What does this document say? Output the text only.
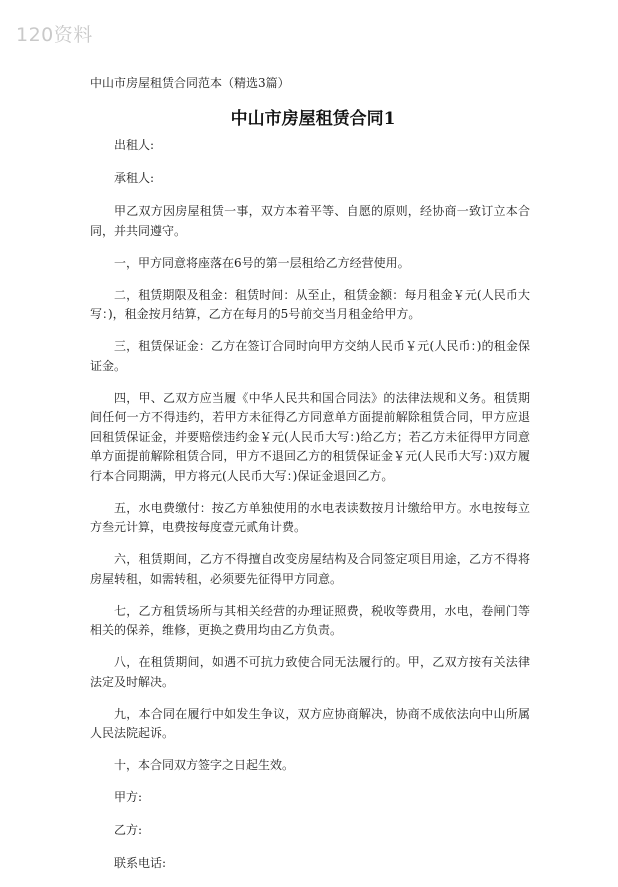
120资料
中山市房屋租赁合同范本（精选3篇）
中山市房屋租赁合同1

出租人:

承租人:

甲乙双方因房屋租赁一事，双方本着平等、自愿的原则，经协商一致订立本合同，并共同遵守。

一，甲方同意将座落在6号的第一层租给乙方经营使用。

二，租赁期限及租金：租赁时间：从至止，租赁金额：每月租金￥元(人民币大写：)，租金按月结算，乙方在每月的5号前交当月租金给甲方。

三，租赁保证金：乙方在签订合同时向甲方交纳人民币￥元(人民币：)的租金保证金。

四，甲、乙双方应当履《中华人民共和国合同法》的法律法规和义务。租赁期间任何一方不得违约，若甲方未征得乙方同意单方面提前解除租赁合同，甲方应退回租赁保证金，并要赔偿违约金￥元(人民币大写：)给乙方；若乙方未征得甲方同意单方面提前解除租赁合同，甲方不退回乙方的租赁保证金￥元(人民币大写：)双方履行本合同期满，甲方将元(人民币大写：)保证金退回乙方。

五，水电费缴付：按乙方单独使用的水电表读数按月计缴给甲方。水电按每立方叁元计算，电费按每度壹元贰角计费。

六，租赁期间，乙方不得擅自改变房屋结构及合同签定项目用途，乙方不得将房屋转租，如需转租，必须要先征得甲方同意。

七，乙方租赁场所与其相关经营的办理证照费，税收等费用，水电，卷闸门等相关的保养，维修，更换之费用均由乙方负责。

八，在租赁期间，如遇不可抗力致使合同无法履行的。甲，乙双方按有关法律法定及时解决。

九，本合同在履行中如发生争议，双方应协商解决，协商不成依法向中山所属人民法院起诉。

十，本合同双方签字之日起生效。

甲方:

乙方:

联系电话:
